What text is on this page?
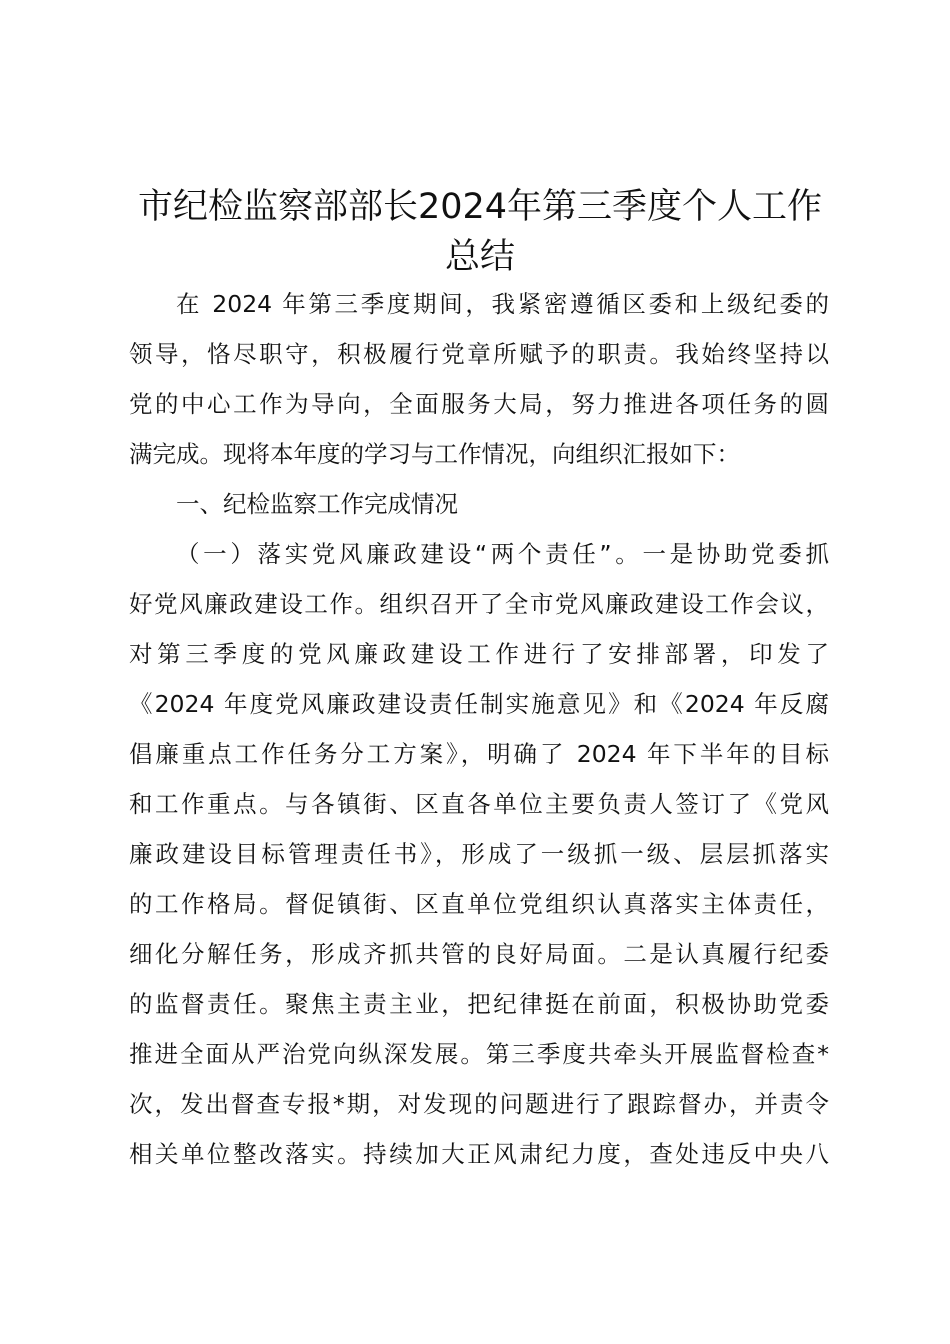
市纪检监察部部长2024年第三季度个人工作
总结
在 2024 年第三季度期间，我紧密遵循区委和上级纪委的
领导，恪尽职守，积极履行党章所赋予的职责。我始终坚持以
党的中心工作为导向，全面服务大局，努力推进各项任务的圆
满完成。现将本年度的学习与工作情况，向组织汇报如下：
一、纪检监察工作完成情况
（一）落实党风廉政建设“两个责任”。一是协助党委抓
好党风廉政建设工作。组织召开了全市党风廉政建设工作会议，
对第三季度的党风廉政建设工作进行了安排部署，印发了
《2024 年度党风廉政建设责任制实施意见》和《2024 年反腐
倡廉重点工作任务分工方案》，明确了 2024 年下半年的目标
和工作重点。与各镇街、区直各单位主要负责人签订了《党风
廉政建设目标管理责任书》，形成了一级抓一级、层层抓落实
的工作格局。督促镇街、区直单位党组织认真落实主体责任，
细化分解任务，形成齐抓共管的良好局面。二是认真履行纪委
的监督责任。聚焦主责主业，把纪律挺在前面，积极协助党委
推进全面从严治党向纵深发展。第三季度共牵头开展监督检查*
次，发出督查专报*期，对发现的问题进行了跟踪督办，并责令
相关单位整改落实。持续加大正风肃纪力度，查处违反中央八
